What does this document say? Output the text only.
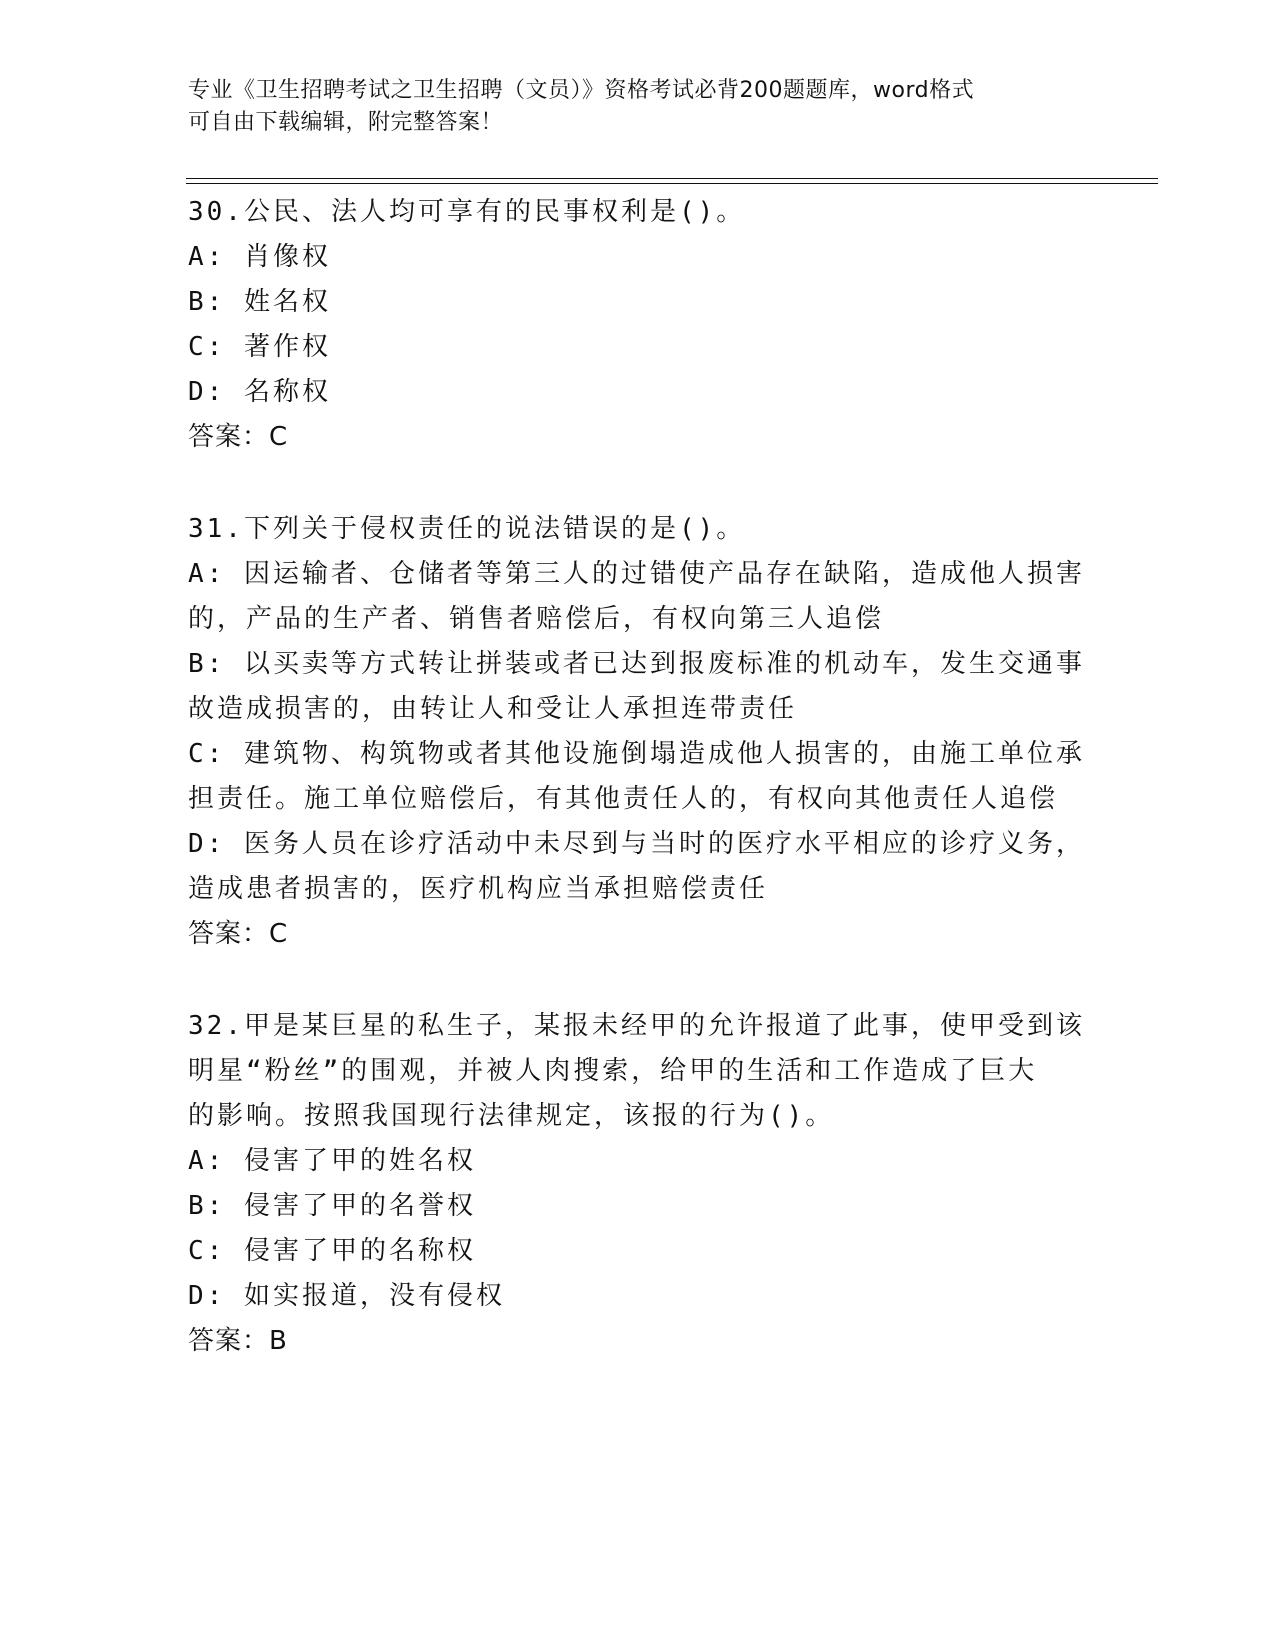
专业《卫生招聘考试之卫生招聘（文员）》资格考试必背200题题库，word格式
可自由下载编辑，附完整答案！
30.公民、法人均可享有的民事权利是()。
A: 肖像权
B: 姓名权
C: 著作权
D: 名称权
答案：C
31.下列关于侵权责任的说法错误的是()。
A: 因运输者、仓储者等第三人的过错使产品存在缺陷，造成他人损害
的，产品的生产者、销售者赔偿后，有权向第三人追偿
B: 以买卖等方式转让拼装或者已达到报废标准的机动车，发生交通事
故造成损害的，由转让人和受让人承担连带责任
C: 建筑物、构筑物或者其他设施倒塌造成他人损害的，由施工单位承
担责任。施工单位赔偿后，有其他责任人的，有权向其他责任人追偿
D: 医务人员在诊疗活动中未尽到与当时的医疗水平相应的诊疗义务，
造成患者损害的，医疗机构应当承担赔偿责任
答案：C
32.甲是某巨星的私生子，某报未经甲的允许报道了此事，使甲受到该
明星“粉丝”的围观，并被人肉搜索，给甲的生活和工作造成了巨大
的影响。按照我国现行法律规定，该报的行为()。
A: 侵害了甲的姓名权
B: 侵害了甲的名誉权
C: 侵害了甲的名称权
D: 如实报道，没有侵权
答案：B
